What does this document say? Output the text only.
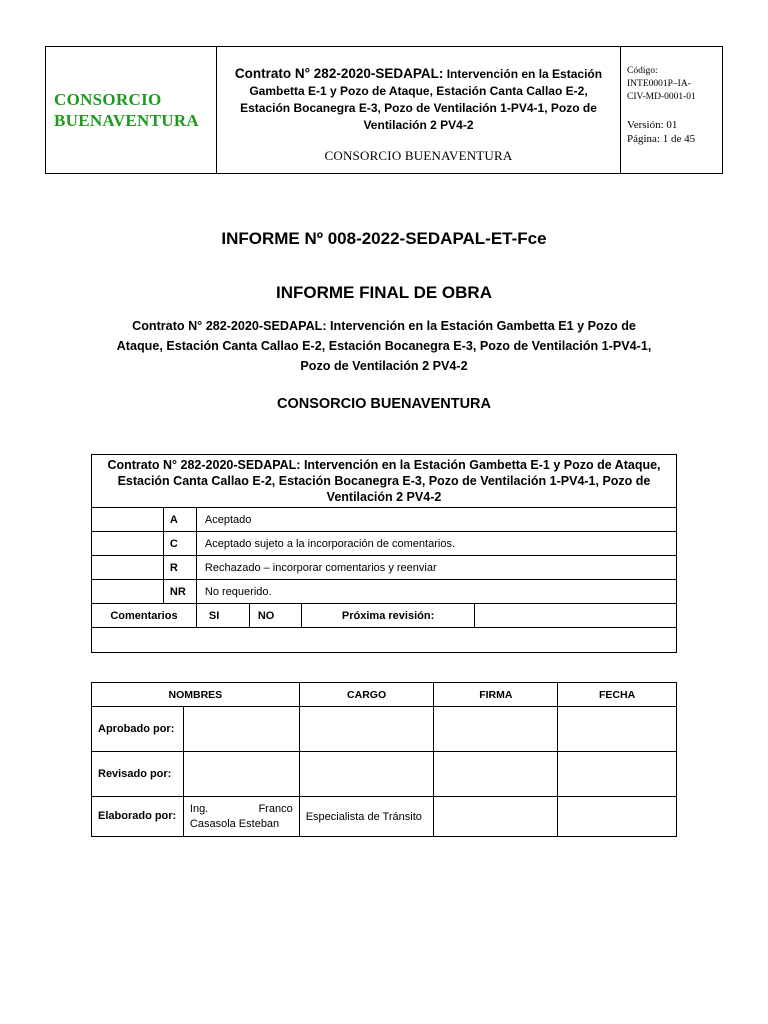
CONSORCIO
BUENAVENTURA
Contrato N° 282-2020-SEDAPAL: Intervención en la Estación Gambetta E-1 y Pozo de Ataque, Estación Canta Callao E-2, Estación Bocanegra E-3, Pozo de Ventilación 1-PV4-1, Pozo de Ventilación 2 PV4-2
CONSORCIO BUENAVENTURA
Código:
INTE0001P–IA-
CIV-MD-0001-01
Versión: 01
Página: 1 de 45
INFORME Nº 008-2022-SEDAPAL-ET-Fce
INFORME FINAL DE OBRA
Contrato N° 282-2020-SEDAPAL: Intervención en la Estación Gambetta E1 y Pozo de Ataque, Estación Canta Callao E-2, Estación Bocanegra E-3, Pozo de Ventilación 1-PV4-1, Pozo de Ventilación 2 PV4-2
CONSORCIO BUENAVENTURA
Contrato N° 282-2020-SEDAPAL: Intervención en la Estación Gambetta E-1 y Pozo de Ataque, Estación Canta Callao E-2, Estación Bocanegra E-3, Pozo de Ventilación 1-PV4-1, Pozo de Ventilación 2 PV4-2					
	A	Aceptado			
	C	Aceptado sujeto a la incorporación de comentarios.			
	R	Rechazado – incorporar comentarios y reenviar			
	NR	No requerido.			
Comentarios		SI	NO	Próxima revisión:	

NOMBRES		CARGO	FIRMA	FECHA
Aprobado por:				
Revisado por:				
Elaborado por:	Ing. Franco Casasola Esteban	Especialista de Tránsito		
